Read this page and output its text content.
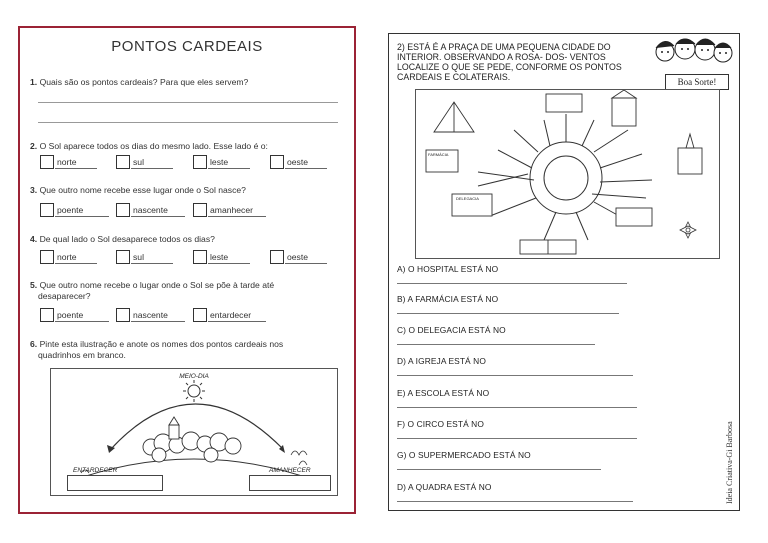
PONTOS CARDEAIS
1. Quais são os pontos cardeais? Para que eles servem?
2. O Sol aparece todos os dias do mesmo lado. Esse lado é o:
norte	sul	leste	oeste
3. Que outro nome recebe esse lugar onde o Sol nasce?
poente	nascente	amanhecer
4. De qual lado o Sol desaparece todos os dias?
norte	sul	leste	oeste
5. Que outro nome recebe o lugar onde o Sol se põe à tarde até
desaparecer?
poente	nascente	entardecer
6. Pinte esta ilustração e anote os nomes dos pontos cardeais nos
quadrinhos em branco.
MEIO-DIA
ENTARDECER	AMANHECER
2) ESTÁ É A PRAÇA DE UMA PEQUENA CIDADE DO INTERIOR. OBSERVANDO A ROSA- DOS- VENTOS LOCALIZE O QUE SE PEDE, CONFORME OS PONTOS CARDEAIS E COLATERAIS.	Boa Sorte!
FARMÁCIA
DELEGACIA
A) O HOSPITAL ESTÁ NO
B) A FARMÁCIA ESTÁ NO
C) O DELEGACIA ESTÁ NO
D) A IGREJA ESTÁ NO
E) A ESCOLA ESTÁ NO
F) O CIRCO ESTÁ NO
G) O SUPERMERCADO ESTÁ NO
D) A QUADRA ESTÁ NO	Ideia Criativa-Gi Barbosa
